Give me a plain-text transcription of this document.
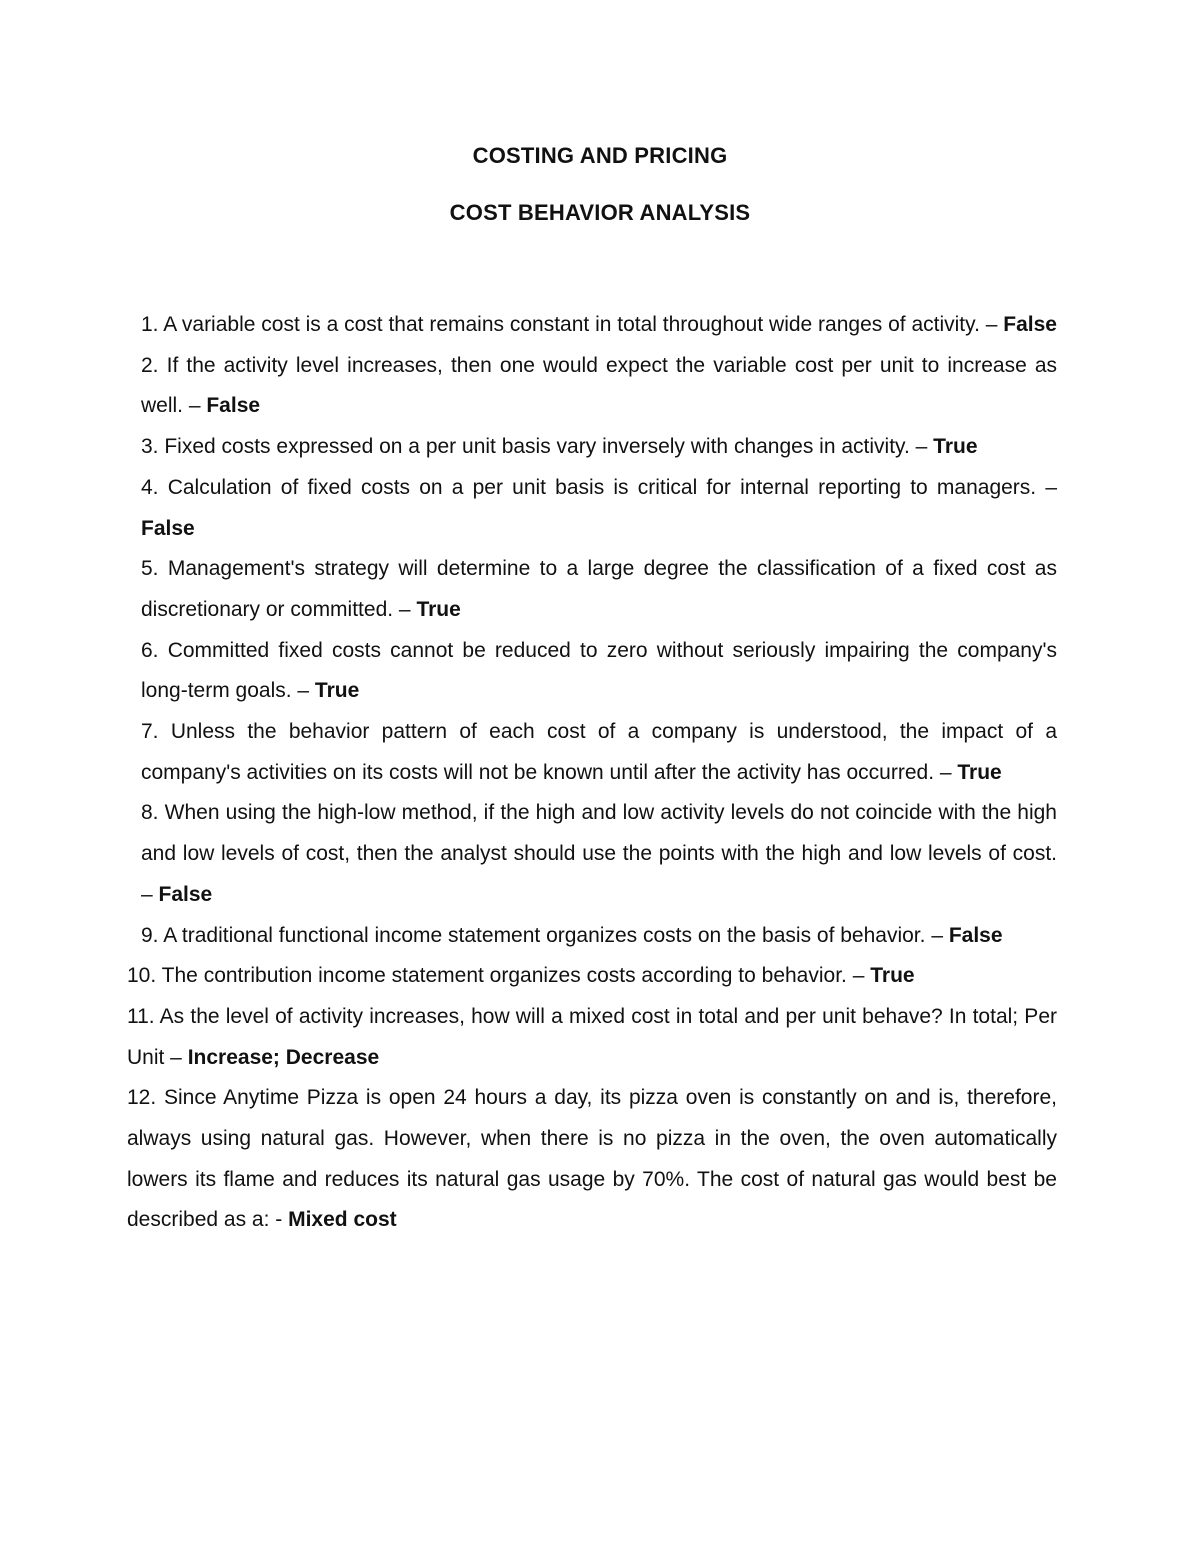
COSTING AND PRICING
COST BEHAVIOR ANALYSIS

1. A variable cost is a cost that remains constant in total throughout wide ranges of activity. – False

2. If the activity level increases, then one would expect the variable cost per unit to increase as well. – False

3. Fixed costs expressed on a per unit basis vary inversely with changes in activity. – True

4. Calculation of fixed costs on a per unit basis is critical for internal reporting to managers. – False

5. Management's strategy will determine to a large degree the classification of a fixed cost as discretionary or committed. – True

6. Committed fixed costs cannot be reduced to zero without seriously impairing the company's long-term goals. – True

7. Unless the behavior pattern of each cost of a company is understood, the impact of a company's activities on its costs will not be known until after the activity has occurred. – True

8. When using the high-low method, if the high and low activity levels do not coincide with the high and low levels of cost, then the analyst should use the points with the high and low levels of cost. – False

9. A traditional functional income statement organizes costs on the basis of behavior. – False

10. The contribution income statement organizes costs according to behavior. – True

11. As the level of activity increases, how will a mixed cost in total and per unit behave? In total; Per Unit – Increase; Decrease

12. Since Anytime Pizza is open 24 hours a day, its pizza oven is constantly on and is, therefore, always using natural gas. However, when there is no pizza in the oven, the oven automatically lowers its flame and reduces its natural gas usage by 70%. The cost of natural gas would best be described as a: - Mixed cost
